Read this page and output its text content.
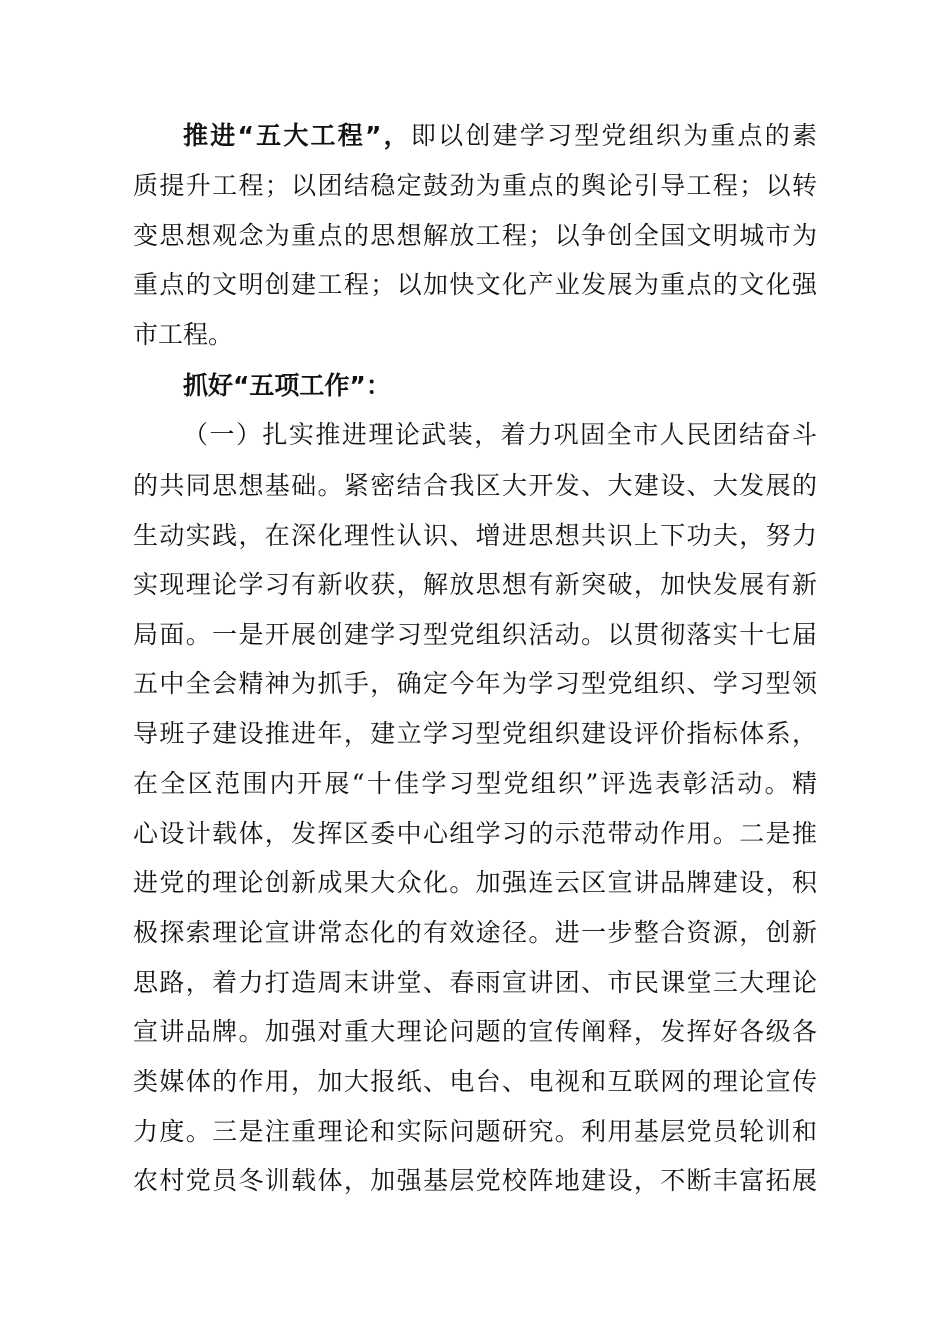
推进“五大工程”，即以创建学习型党组织为重点的素

质提升工程；以团结稳定鼓劲为重点的舆论引导工程；以转

变思想观念为重点的思想解放工程；以争创全国文明城市为

重点的文明创建工程；以加快文化产业发展为重点的文化强

市工程。

抓好“五项工作”：

（一）扎实推进理论武装，着力巩固全市人民团结奋斗

的共同思想基础。紧密结合我区大开发、大建设、大发展的

生动实践，在深化理性认识、增进思想共识上下功夫，努力

实现理论学习有新收获，解放思想有新突破，加快发展有新

局面。一是开展创建学习型党组织活动。以贯彻落实十七届

五中全会精神为抓手，确定今年为学习型党组织、学习型领

导班子建设推进年，建立学习型党组织建设评价指标体系，

在全区范围内开展“十佳学习型党组织”评选表彰活动。精

心设计载体，发挥区委中心组学习的示范带动作用。二是推

进党的理论创新成果大众化。加强连云区宣讲品牌建设，积

极探索理论宣讲常态化的有效途径。进一步整合资源，创新

思路，着力打造周末讲堂、春雨宣讲团、市民课堂三大理论

宣讲品牌。加强对重大理论问题的宣传阐释，发挥好各级各

类媒体的作用，加大报纸、电台、电视和互联网的理论宣传

力度。三是注重理论和实际问题研究。利用基层党员轮训和

农村党员冬训载体，加强基层党校阵地建设，不断丰富拓展
